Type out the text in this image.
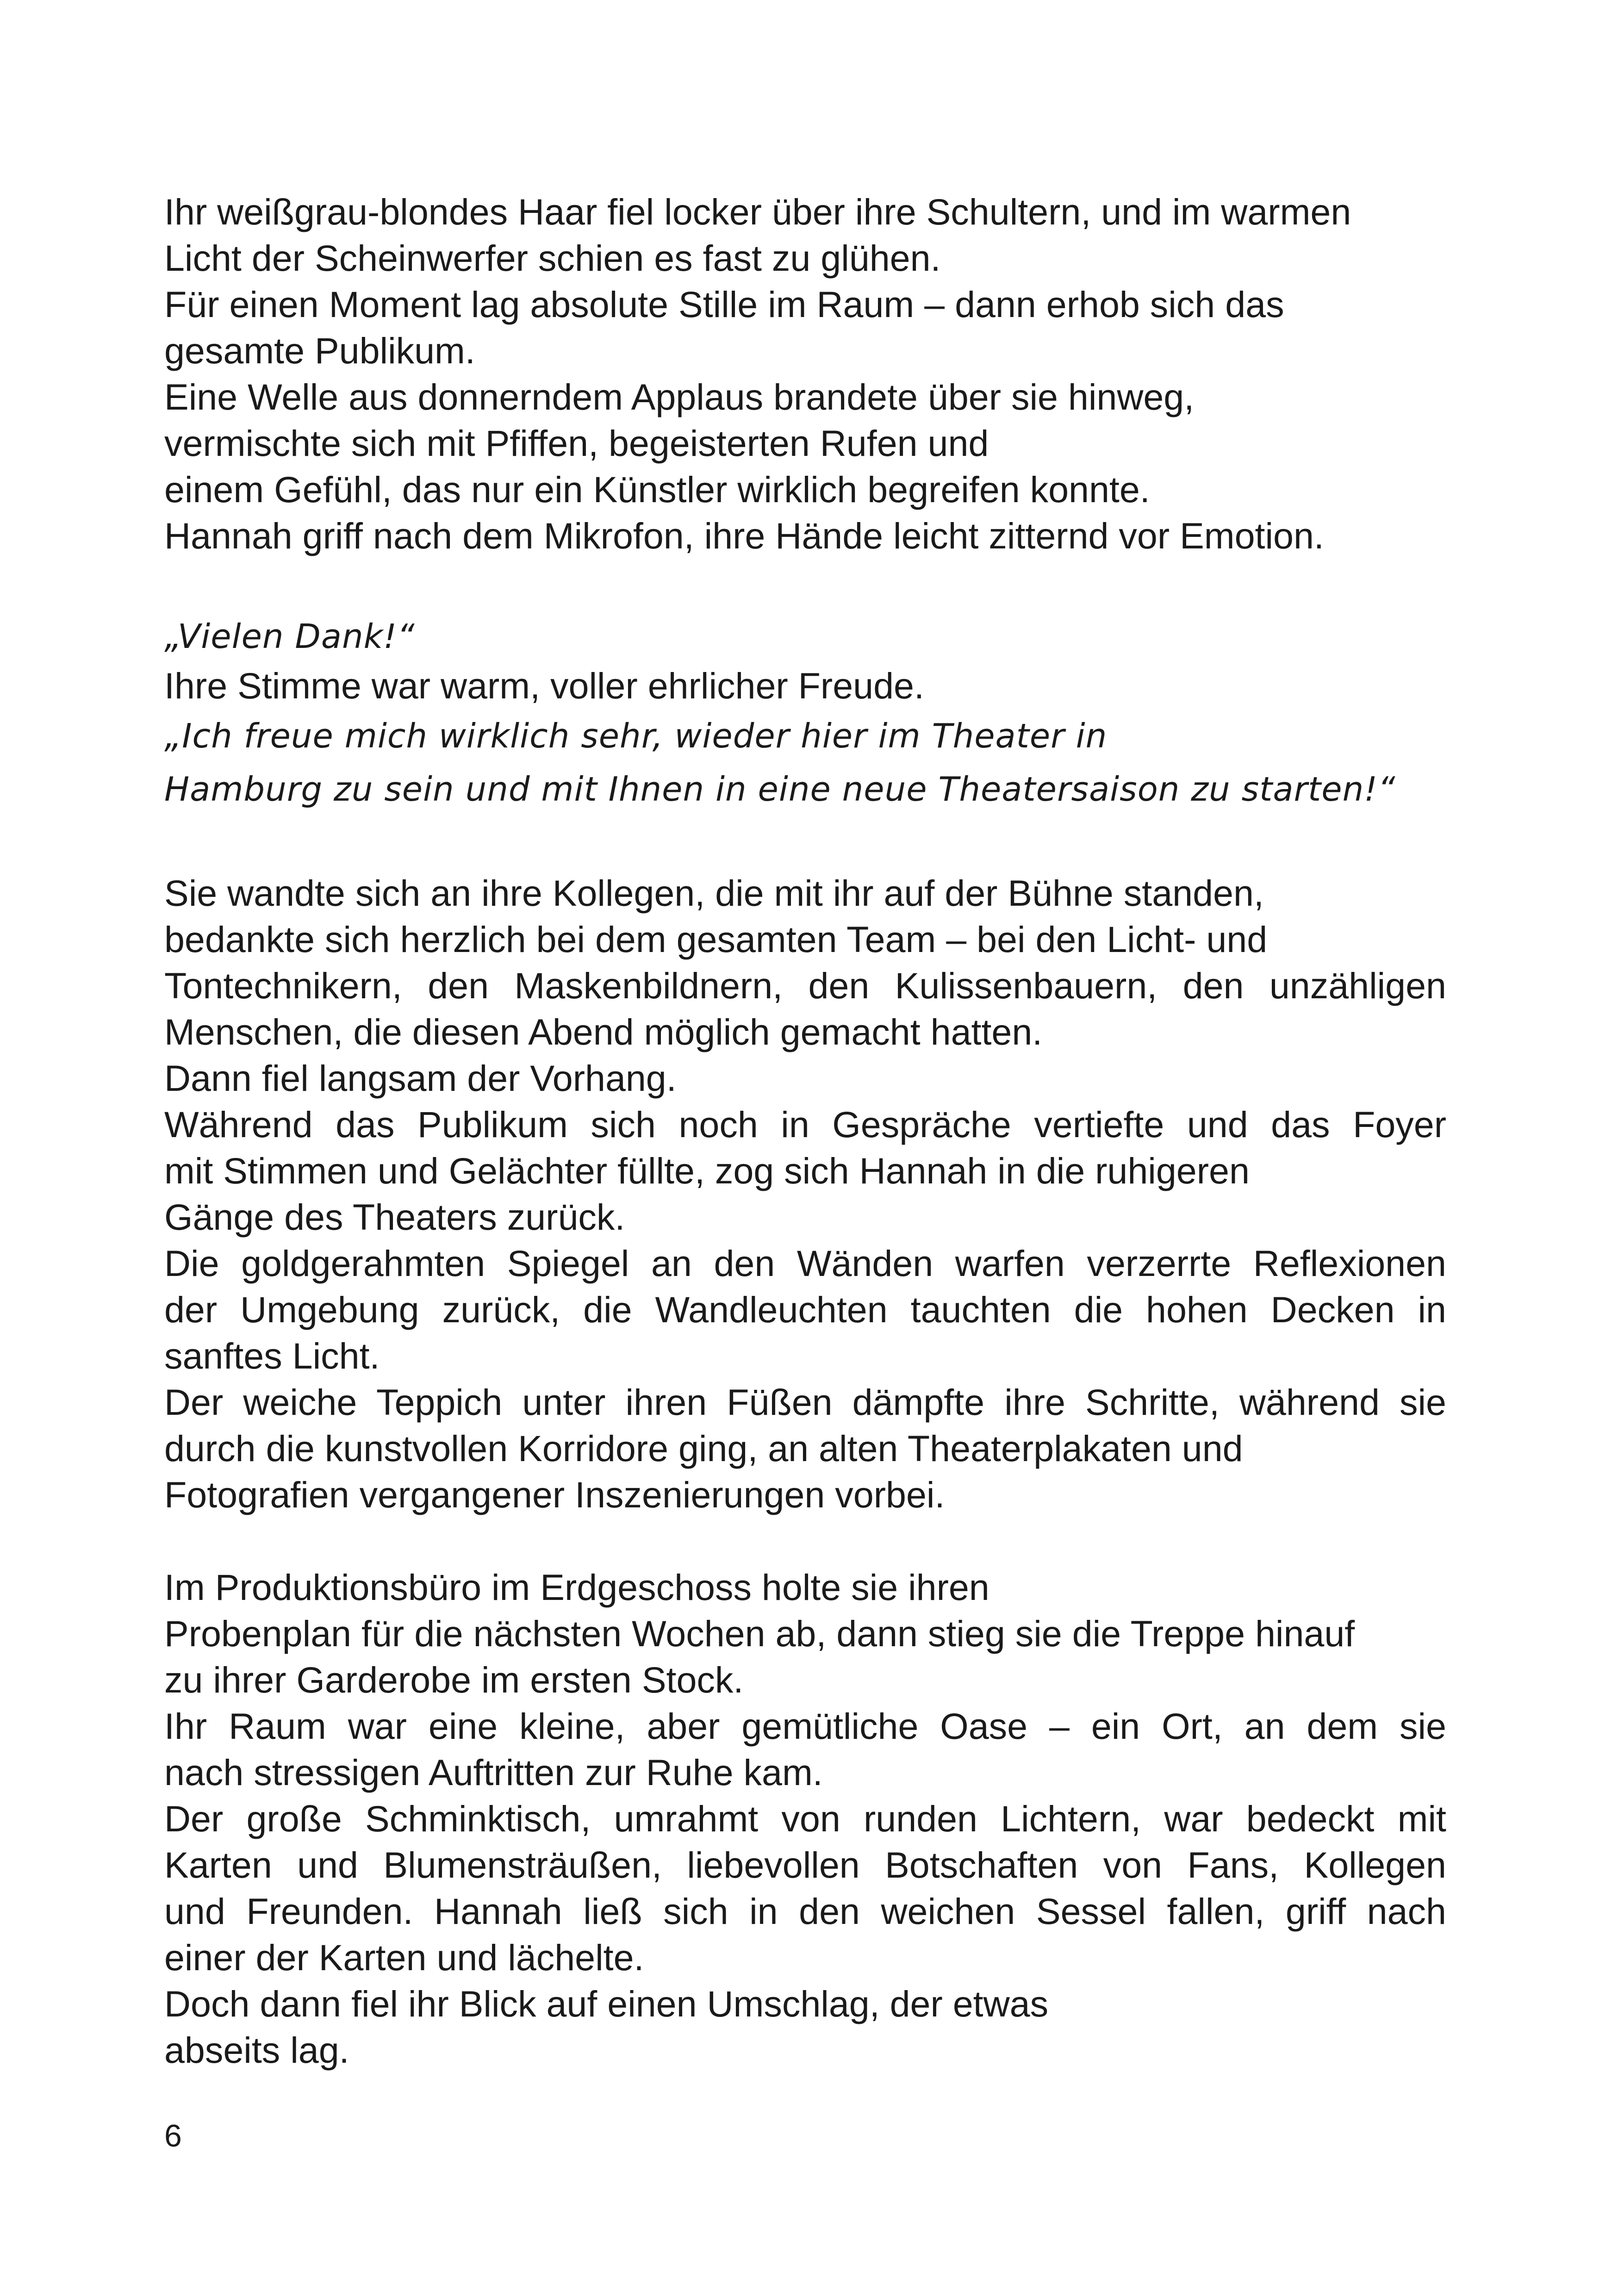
Ihr weißgrau-blondes Haar fiel locker über ihre Schultern, und im warmen

Licht der Scheinwerfer schien es fast zu glühen.

Für einen Moment lag absolute Stille im Raum – dann erhob sich das

gesamte Publikum.

Eine Welle aus donnerndem Applaus brandete über sie hinweg,

vermischte sich mit Pfiffen, begeisterten Rufen und

einem Gefühl, das nur ein Künstler wirklich begreifen konnte.

Hannah griff nach dem Mikrofon, ihre Hände leicht zitternd vor Emotion.

„Vielen Dank!“

Ihre Stimme war warm, voller ehrlicher Freude.

„Ich freue mich wirklich sehr, wieder hier im Theater in

Hamburg zu sein und mit Ihnen in eine neue Theatersaison zu starten!“

Sie wandte sich an ihre Kollegen, die mit ihr auf der Bühne standen,

bedankte sich herzlich bei dem gesamten Team – bei den Licht- und

Tontechnikern, den Maskenbildnern, den Kulissenbauern, den unzähligen

Menschen, die diesen Abend möglich gemacht hatten.

Dann fiel langsam der Vorhang.

Während das Publikum sich noch in Gespräche vertiefte und das Foyer

mit Stimmen und Gelächter füllte, zog sich Hannah in die ruhigeren

Gänge des Theaters zurück.

Die goldgerahmten Spiegel an den Wänden warfen verzerrte Reflexionen

der Umgebung zurück, die Wandleuchten tauchten die hohen Decken in

sanftes Licht.

Der weiche Teppich unter ihren Füßen dämpfte ihre Schritte, während sie

durch die kunstvollen Korridore ging, an alten Theaterplakaten und

Fotografien vergangener Inszenierungen vorbei.

Im Produktionsbüro im Erdgeschoss holte sie ihren

Probenplan für die nächsten Wochen ab, dann stieg sie die Treppe hinauf

zu ihrer Garderobe im ersten Stock.

Ihr Raum war eine kleine, aber gemütliche Oase – ein Ort, an dem sie

nach stressigen Auftritten zur Ruhe kam.

Der große Schminktisch, umrahmt von runden Lichtern, war bedeckt mit

Karten und Blumensträußen, liebevollen Botschaften von Fans, Kollegen

und Freunden. Hannah ließ sich in den weichen Sessel fallen, griff nach

einer der Karten und lächelte.

Doch dann fiel ihr Blick auf einen Umschlag, der etwas

abseits lag.

6
